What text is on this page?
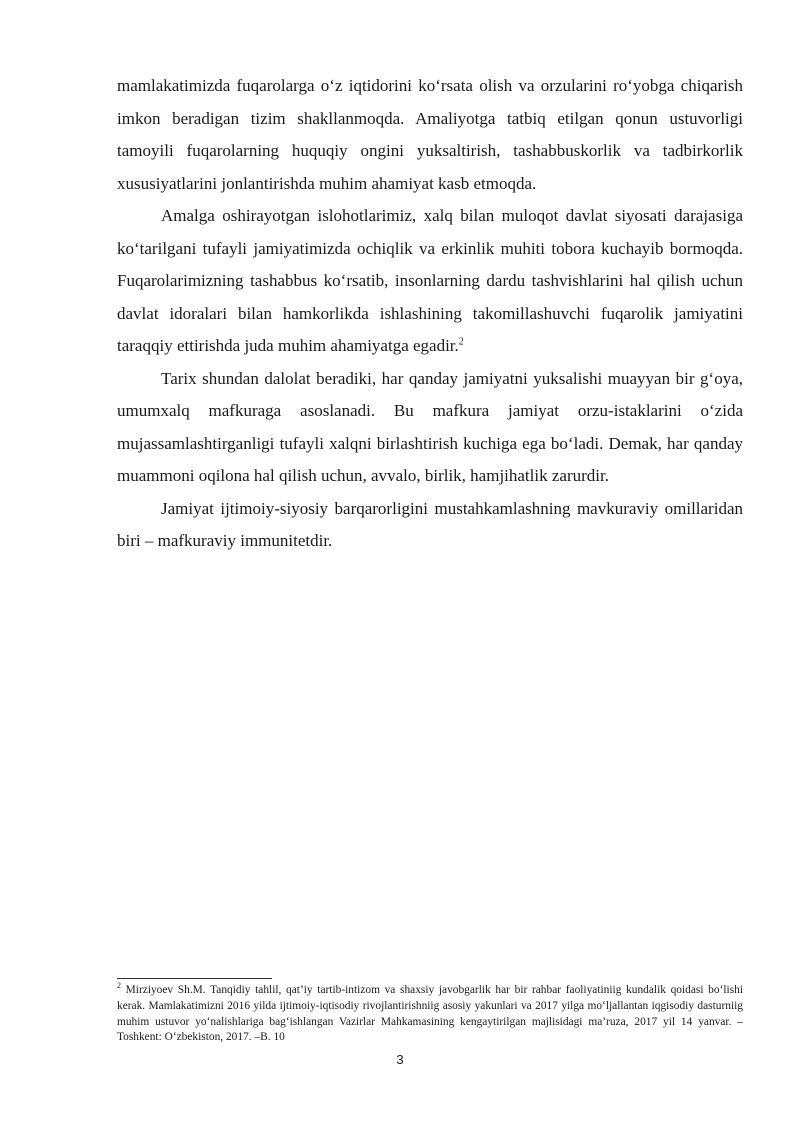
mamlakatimizda fuqarolarga o‘z iqtidorini ko‘rsata olish va orzularini ro‘yobga chiqarish imkon beradigan tizim shakllanmoqda. Amaliyotga tatbiq etilgan qonun ustuvorligi tamoyili fuqarolarning huquqiy ongini yuksaltirish, tashabbuskorlik va tadbirkorlik xususiyatlarini jonlantirishda muhim ahamiyat kasb etmoqda.

Amalga oshirayotgan islohotlarimiz, xalq bilan muloqot davlat siyosati darajasiga ko‘tarilgani tufayli jamiyatimizda ochiqlik va erkinlik muhiti tobora kuchayib bormoqda. Fuqarolarimizning tashabbus ko‘rsatib, insonlarning dardu tashvishlarini hal qilish uchun davlat idoralari bilan hamkorlikda ishlashining takomillashuvchi fuqarolik jamiyatini taraqqiy ettirishda juda muhim ahamiyatga egadir.$^2$

Tarix shundan dalolat beradiki, har qanday jamiyatni yuksalishi muayyan bir g‘oya, umumxalq mafkuraga asoslanadi. Bu mafkura jamiyat orzu-istaklarini o‘zida mujassamlashtirganligi tufayli xalqni birlashtirish kuchiga ega bo‘ladi. Demak, har qanday muammoni oqilona hal qilish uchun, avvalo, birlik, hamjihatlik zarurdir.

Jamiyat ijtimoiy-siyosiy barqarorligini mustahkamlashning mavkuraviy omillaridan biri – mafkuraviy immunitetdir.

$^2$ Mirziyoev Sh.M. Tanqidiy tahlil, qat’iy tartib-intizom va shaxsiy javobgarlik har bir rahbar faoliyatiniig kundalik qoidasi bo‘lishi kerak. Mamlakatimizni 2016 yilda ijtimoiy-iqtisodiy rivojlantirishniig asosiy yakunlari va 2017 yilga mo‘ljallantan iqgisodiy dasturniig muhim ustuvor yo‘nalishlariga bag‘ishlangan Vazirlar Mahkamasining kengaytirilgan majlisidagi ma’ruza, 2017 yil 14 yanvar. – Toshkent: O‘zbekiston, 2017. –B. 10

3
